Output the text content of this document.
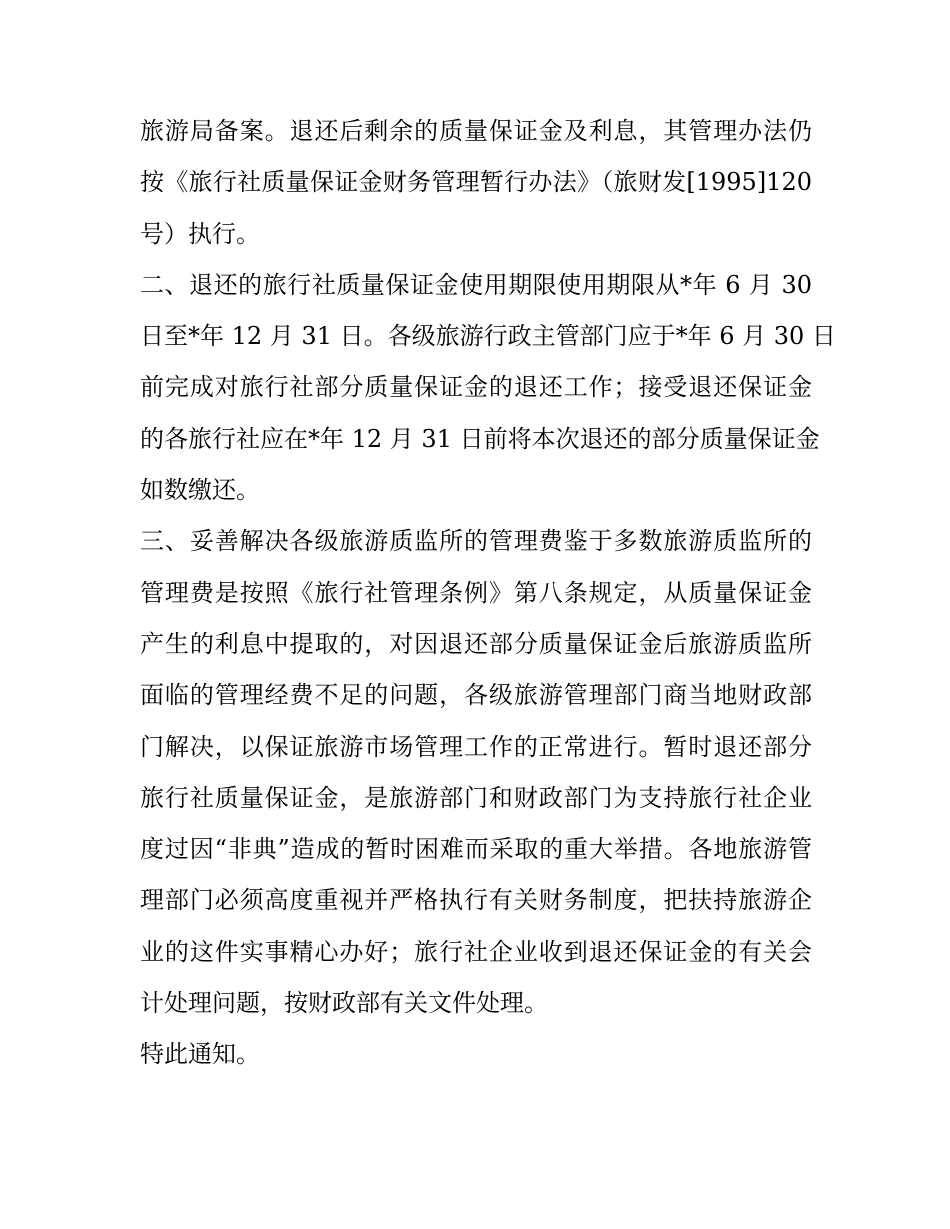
旅游局备案。退还后剩余的质量保证金及利息，其管理办法仍
按《旅行社质量保证金财务管理暂行办法》（旅财发[1995]120
号）执行。
二、退还的旅行社质量保证金使用期限使用期限从*年 6 月 30
日至*年 12 月 31 日。各级旅游行政主管部门应于*年 6 月 30 日
前完成对旅行社部分质量保证金的退还工作；接受退还保证金
的各旅行社应在*年 12 月 31 日前将本次退还的部分质量保证金
如数缴还。
三、妥善解决各级旅游质监所的管理费鉴于多数旅游质监所的
管理费是按照《旅行社管理条例》第八条规定，从质量保证金
产生的利息中提取的，对因退还部分质量保证金后旅游质监所
面临的管理经费不足的问题，各级旅游管理部门商当地财政部
门解决，以保证旅游市场管理工作的正常进行。暂时退还部分
旅行社质量保证金，是旅游部门和财政部门为支持旅行社企业
度过因“非典”造成的暂时困难而采取的重大举措。各地旅游管
理部门必须高度重视并严格执行有关财务制度，把扶持旅游企
业的这件实事精心办好；旅行社企业收到退还保证金的有关会
计处理问题，按财政部有关文件处理。
特此通知。
